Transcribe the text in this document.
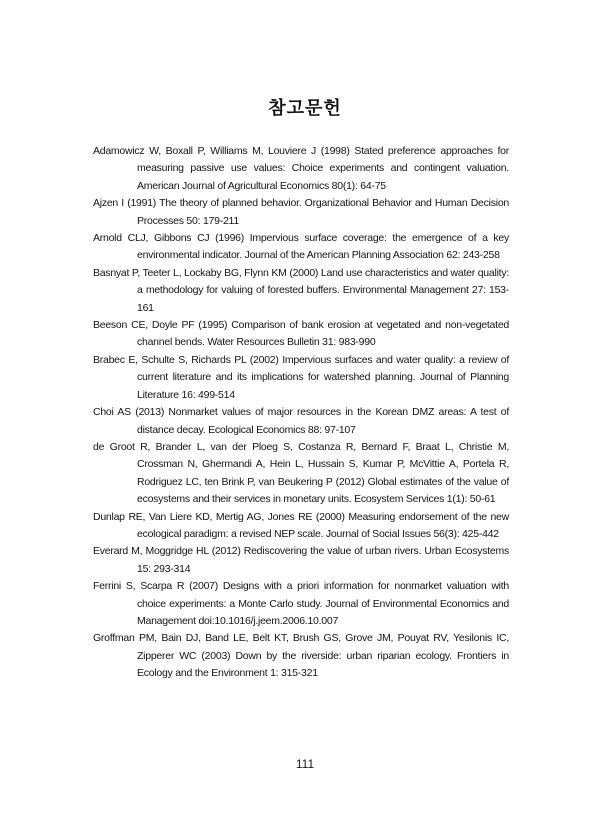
참고문헌

Adamowicz W, Boxall P, Williams M, Louviere J (1998) Stated preference approaches for measuring passive use values: Choice experiments and contingent valuation. American Journal of Agricultural Economics 80(1): 64-75

Ajzen I (1991) The theory of planned behavior. Organizational Behavior and Human Decision Processes 50: 179-211

Arnold CLJ, Gibbons CJ (1996) Impervious surface coverage: the emergence of a key environmental indicator. Journal of the American Planning Association 62: 243-258

Basnyat P, Teeter L, Lockaby BG, Flynn KM (2000) Land use characteristics and water quality: a methodology for valuing of forested buffers. Environmental Management 27: 153-161

Beeson CE, Doyle PF (1995) Comparison of bank erosion at vegetated and non-vegetated channel bends. Water Resources Bulletin 31: 983-990

Brabec E, Schulte S, Richards PL (2002) Impervious surfaces and water quality: a review of current literature and its implications for watershed planning. Journal of Planning Literature 16: 499-514

Choi AS (2013) Nonmarket values of major resources in the Korean DMZ areas: A test of distance decay. Ecological Economics 88: 97-107

de Groot R, Brander L, van der Ploeg S, Costanza R, Bernard F, Braat L, Christie M, Crossman N, Ghermandi A, Hein L, Hussain S, Kumar P, McVittie A, Portela R, Rodriguez LC, ten Brink P, van Beukering P (2012) Global estimates of the value of ecosystems and their services in monetary units. Ecosystem Services 1(1): 50-61

Dunlap RE, Van Liere KD, Mertig AG, Jones RE (2000) Measuring endorsement of the new ecological paradigm: a revised NEP scale. Journal of Social Issues 56(3): 425-442

Everard M, Moggridge HL (2012) Rediscovering the value of urban rivers. Urban Ecosystems 15: 293-314

Ferrini S, Scarpa R (2007) Designs with a priori information for nonmarket valuation with choice experiments: a Monte Carlo study. Journal of Environmental Economics and Management doi:10.1016/j.jeem.2006.10.007

Groffman PM, Bain DJ, Band LE, Belt KT, Brush GS, Grove JM, Pouyat RV, Yesilonis IC, Zipperer WC (2003) Down by the riverside: urban riparian ecology. Frontiers in Ecology and the Environment 1: 315-321

111
